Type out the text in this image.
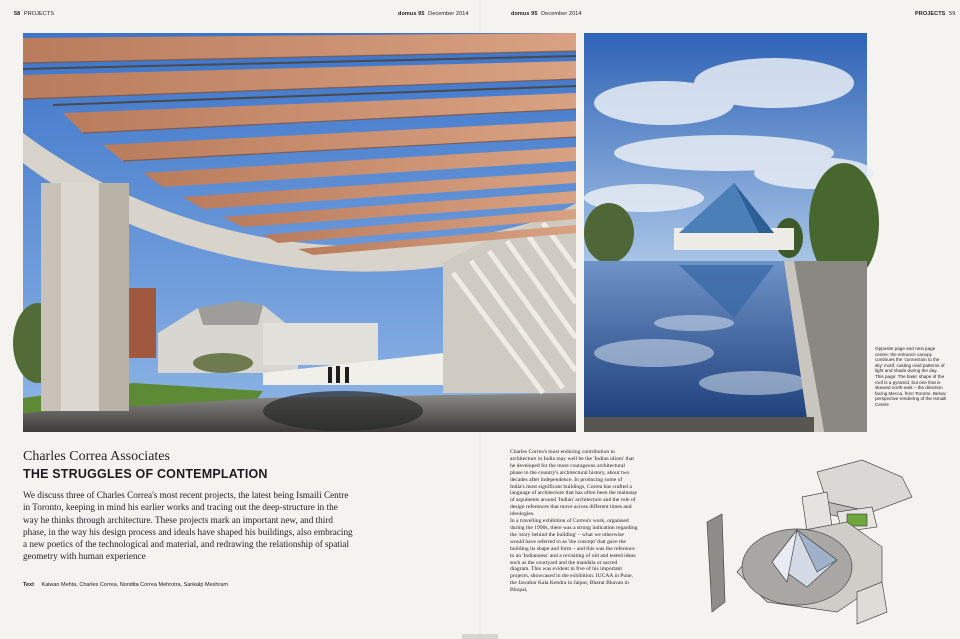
58 PROJECTS	domus 95 December 2014	domus 95 December 2014	PROJECTS 59
Opposite page and next page centre: the entrance canopy continues the 'connection to the sky' motif, casting vivid patterns of light and shade during the day. This page: The basic shape of the roof is a pyramid, but one that is skewed north-east – the direction facing Mecca, from Toronto. Below: perspective rendering of the Ismaili Centre
Charles Correa Associates
THE STRUGGLES OF CONTEMPLATION
We discuss three of Charles Correa's most recent projects, the latest being Ismaili Centre in Toronto, keeping in mind his earlier works and tracing out the deep-structure in the way he thinks through architecture. These projects mark an important new, and third phase, in the way his design process and ideals have shaped his buildings, also embracing a new poetics of the technological and material, and redrawing the relationship of spatial geometry with human experience
Text Kaiwan Mehta, Charles Correa, Nondita Correa Mehrotra, Sankalp Meshram

Charles Correa's most enduring contribution to architecture in India may well be the 'Indian idiom' that he developed for the more courageous architectural phase in the country's architectural history, about two decades after independence. In producing some of India's most significant buildings, Correa has crafted a language of architecture that has often been the mainstay of arguments around 'Indian' architecture and the role of design references that move across different times and ideologies.

In a travelling exhibition of Correa's work, organised during the 1990s, there was a strong indication regarding the 'story behind the building' – what we otherwise would have referred to as 'the concept' that gave the building its shape and form – and this was the reference to an 'Indianness' and a revisiting of old and tested ideas such as the courtyard and the mandala or sacred diagram. This was evident in five of his important projects, showcased in the exhibition: IUCAA in Pune, the Jawahar Kala Kendra in Jaipur, Bharat Bhavan in Bhopal,
